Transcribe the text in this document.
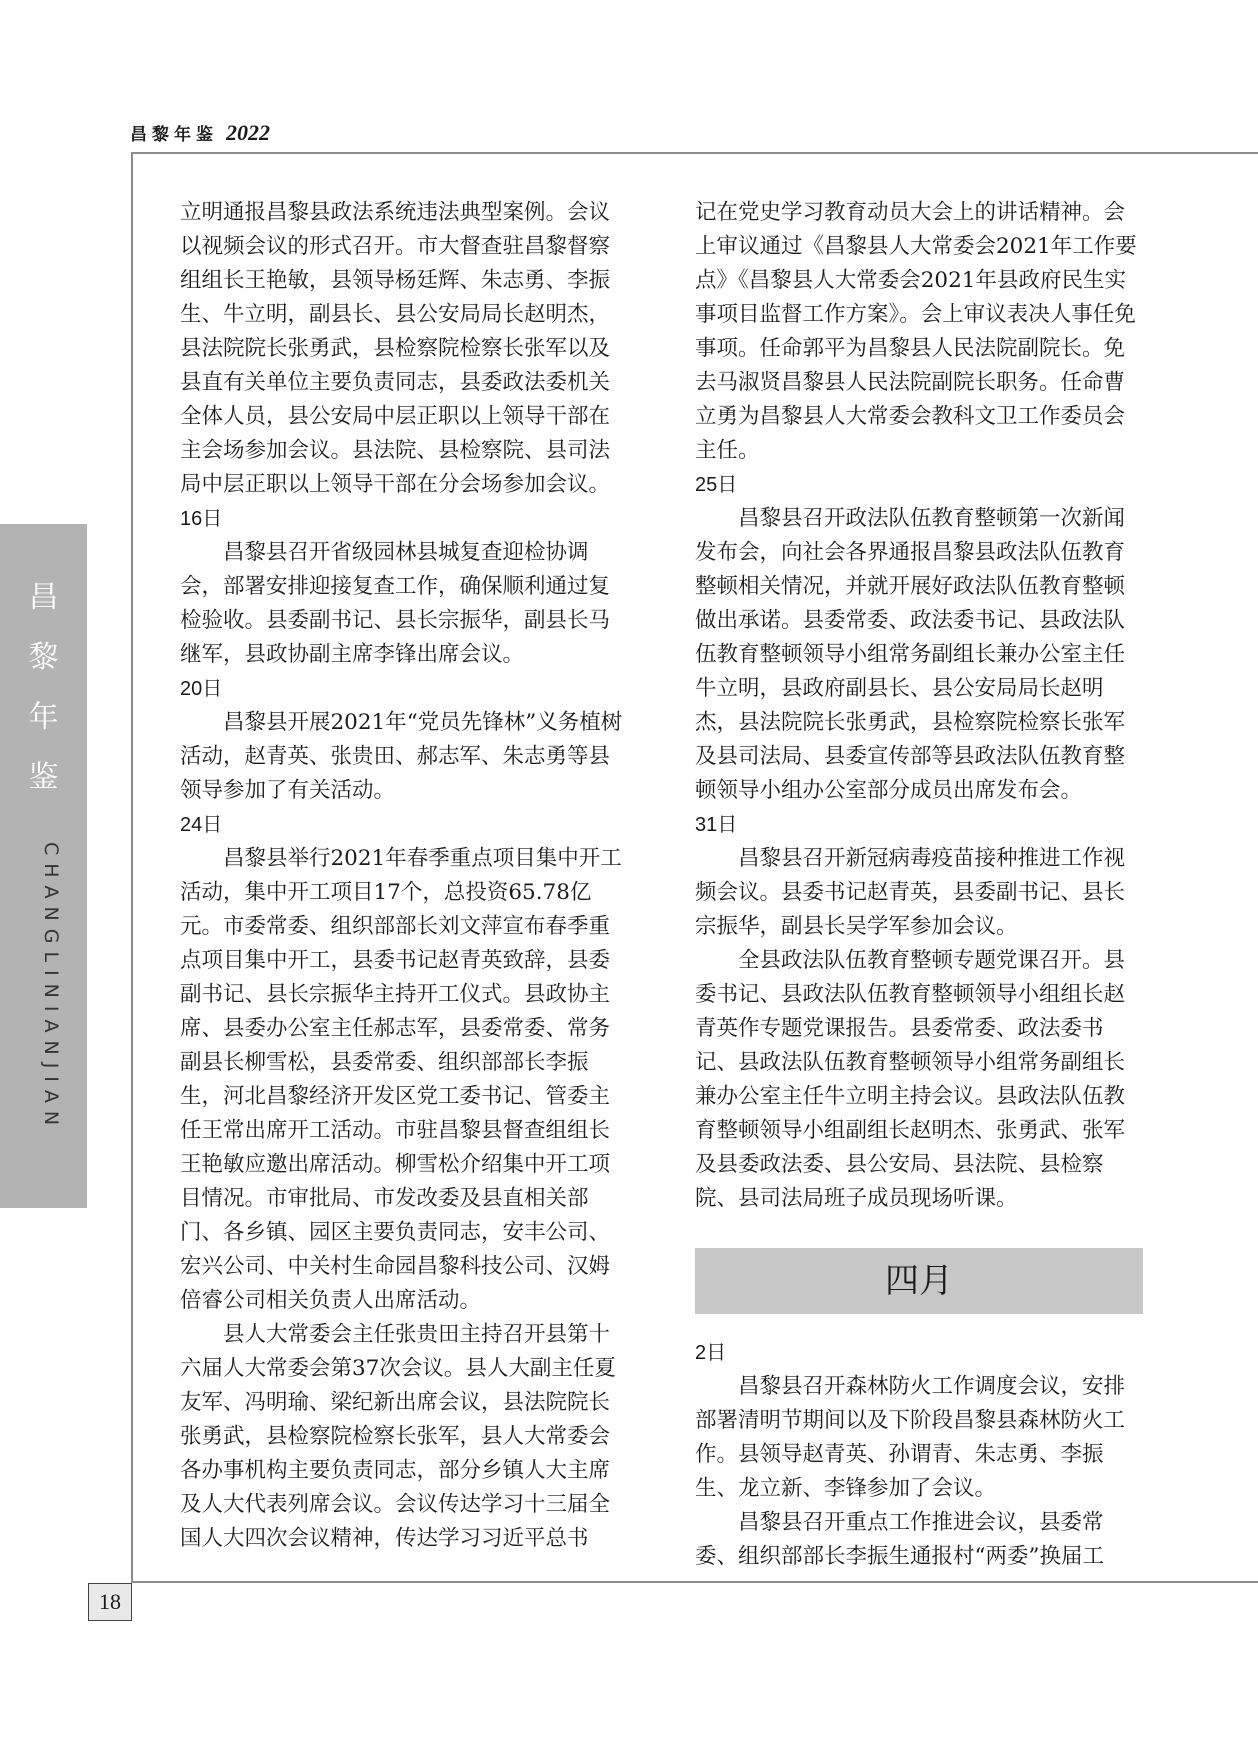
昌黎年鉴 2022
昌
黎
年
鉴
CHANGLINIANJIAN

立明通报昌黎县政法系统违法典型案例。会议以视频会议的形式召开。市大督查驻昌黎督察组组长王艳敏，县领导杨廷辉、朱志勇、李振生、牛立明，副县长、县公安局局长赵明杰，县法院院长张勇武，县检察院检察长张军以及县直有关单位主要负责同志，县委政法委机关全体人员，县公安局中层正职以上领导干部在主会场参加会议。县法院、县检察院、县司法局中层正职以上领导干部在分会场参加会议。

16日

昌黎县召开省级园林县城复查迎检协调会，部署安排迎接复查工作，确保顺利通过复检验收。县委副书记、县长宗振华，副县长马继军，县政协副主席李锋出席会议。

20日

昌黎县开展2021年“党员先锋林”义务植树活动，赵青英、张贵田、郝志军、朱志勇等县领导参加了有关活动。

24日

昌黎县举行2021年春季重点项目集中开工活动，集中开工项目17个，总投资65.78亿元。市委常委、组织部部长刘文萍宣布春季重点项目集中开工，县委书记赵青英致辞，县委副书记、县长宗振华主持开工仪式。县政协主席、县委办公室主任郝志军，县委常委、常务副县长柳雪松，县委常委、组织部部长李振生，河北昌黎经济开发区党工委书记、管委主任王常出席开工活动。市驻昌黎县督查组组长王艳敏应邀出席活动。柳雪松介绍集中开工项目情况。市审批局、市发改委及县直相关部门、各乡镇、园区主要负责同志，安丰公司、宏兴公司、中关村生命园昌黎科技公司、汉姆倍睿公司相关负责人出席活动。

县人大常委会主任张贵田主持召开县第十六届人大常委会第37次会议。县人大副主任夏友军、冯明瑜、梁纪新出席会议，县法院院长张勇武，县检察院检察长张军，县人大常委会各办事机构主要负责同志，部分乡镇人大主席及人大代表列席会议。会议传达学习十三届全国人大四次会议精神，传达学习习近平总书

记在党史学习教育动员大会上的讲话精神。会上审议通过《昌黎县人大常委会2021年工作要点》《昌黎县人大常委会2021年县政府民生实事项目监督工作方案》。会上审议表决人事任免事项。任命郭平为昌黎县人民法院副院长。免去马淑贤昌黎县人民法院副院长职务。任命曹立勇为昌黎县人大常委会教科文卫工作委员会主任。

25日

昌黎县召开政法队伍教育整顿第一次新闻发布会，向社会各界通报昌黎县政法队伍教育整顿相关情况，并就开展好政法队伍教育整顿做出承诺。县委常委、政法委书记、县政法队伍教育整顿领导小组常务副组长兼办公室主任牛立明，县政府副县长、县公安局局长赵明杰，县法院院长张勇武，县检察院检察长张军及县司法局、县委宣传部等县政法队伍教育整顿领导小组办公室部分成员出席发布会。

31日

昌黎县召开新冠病毒疫苗接种推进工作视频会议。县委书记赵青英，县委副书记、县长宗振华，副县长吴学军参加会议。

全县政法队伍教育整顿专题党课召开。县委书记、县政法队伍教育整顿领导小组组长赵青英作专题党课报告。县委常委、政法委书记、县政法队伍教育整顿领导小组常务副组长兼办公室主任牛立明主持会议。县政法队伍教育整顿领导小组副组长赵明杰、张勇武、张军及县委政法委、县公安局、县法院、县检察院、县司法局班子成员现场听课。

四月

2日

昌黎县召开森林防火工作调度会议，安排部署清明节期间以及下阶段昌黎县森林防火工作。县领导赵青英、孙谓青、朱志勇、李振生、龙立新、李锋参加了会议。

昌黎县召开重点工作推进会议，县委常委、组织部部长李振生通报村“两委”换届工

18
